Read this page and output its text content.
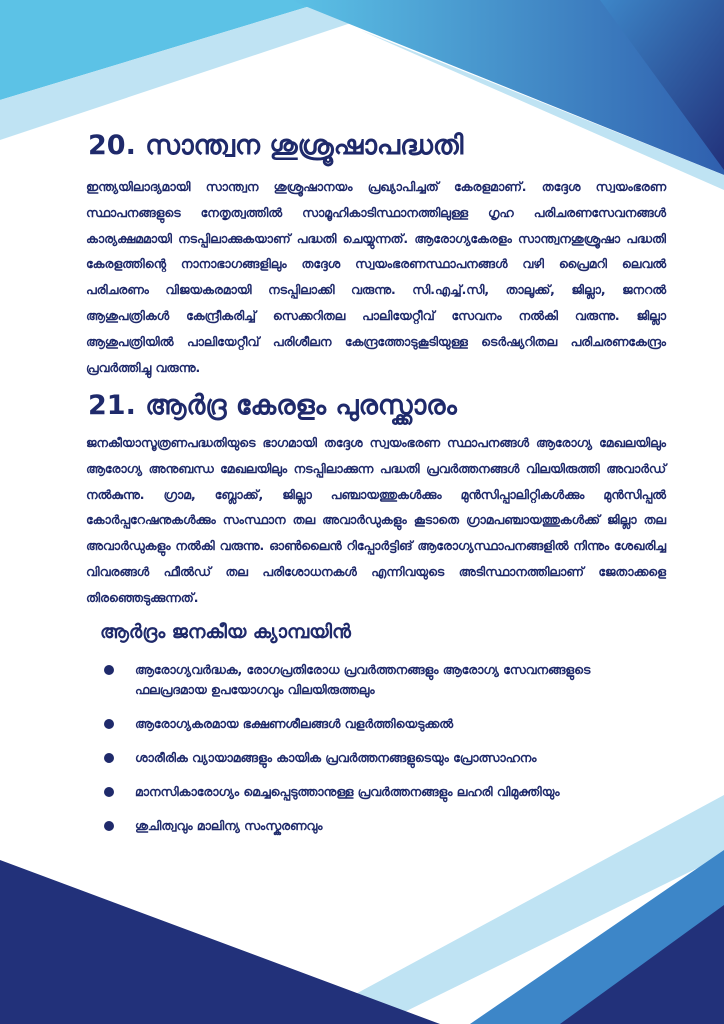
20. സാന്ത്വന ശുശ്രൂഷാപദ്ധതി

ഇന്ത്യയിലാദ്യമായി സാന്ത്വന ശുശ്രൂഷാനയം പ്രഖ്യാപിച്ചത് കേരളമാണ്. തദ്ദേശ സ്വയംഭരണ സ്ഥാപനങ്ങളുടെ നേതൃത്വത്തിൽ സാമൂഹികാടിസ്ഥാനത്തിലുള്ള ഗൃഹ പരിചരണസേവനങ്ങൾ കാര്യക്ഷമമായി നടപ്പിലാക്കുകയാണ് പദ്ധതി ചെയ്യുന്നത്. ആരോഗ്യകേരളം സാന്ത്വനശുശ്രൂഷാ പദ്ധതി കേരളത്തിന്റെ നാനാഭാഗങ്ങളിലും തദ്ദേശ സ്വയംഭരണസ്ഥാപനങ്ങൾ വഴി പ്രൈമറി ലെവൽ പരിചരണം വിജയകരമായി നടപ്പിലാക്കി വരുന്നു. സി.എച്ച്.സി, താലൂക്ക്, ജില്ലാ, ജനറൽ ആശുപത്രികൾ കേന്ദ്രീകരിച്ച് സെക്കറിതല പാലിയേറ്റീവ് സേവനം നൽകി വരുന്നു. ജില്ലാ ആശുപത്രിയിൽ പാലിയേറ്റീവ് പരിശീലന കേന്ദ്രത്തോടുകൂടിയുള്ള ടെർഷ്യറിതല പരിചരണകേന്ദ്രം പ്രവർത്തിച്ചു വരുന്നു.

21. ആർദ്ര കേരളം പുരസ്ക്കാരം

ജനകീയാസൂത്രണപദ്ധതിയുടെ ഭാഗമായി തദ്ദേശ സ്വയംഭരണ സ്ഥാപനങ്ങൾ ആരോഗ്യ മേഖലയിലും ആരോഗ്യ അനുബന്ധ മേഖലയിലും നടപ്പിലാക്കുന്ന പദ്ധതി പ്രവർത്തനങ്ങൾ വിലയിരുത്തി അവാർഡ് നൽകുന്നു. ഗ്രാമ, ബ്ലോക്ക്, ജില്ലാ പഞ്ചായത്തുകൾക്കും മുൻസിപ്പാലിറ്റികൾക്കും മുൻസിപ്പൽ കോർപ്പറേഷനുകൾക്കും സംസ്ഥാന തല അവാർഡുകളും കൂടാതെ ഗ്രാമപഞ്ചായത്തുകൾക്ക് ജില്ലാ തല അവാർഡുകളും നൽകി വരുന്നു. ഓൺലൈൻ റിപ്പോർട്ടിങ് ആരോഗ്യസ്ഥാപനങ്ങളിൽ നിന്നും ശേഖരിച്ച വിവരങ്ങൾ ഫീൽഡ് തല പരിശോധനകൾ എന്നിവയുടെ അടിസ്ഥാനത്തിലാണ് ജേതാക്കളെ തിരഞ്ഞെടുക്കുന്നത്.

ആർദ്രം ജനകീയ ക്യാമ്പയിൻ
ആരോഗ്യവർദ്ധക, രോഗപ്രതിരോധ പ്രവർത്തനങ്ങളും ആരോഗ്യ സേവനങ്ങളുടെ ഫലപ്രദമായ ഉപയോഗവും വിലയിരുത്തലും
ആരോഗ്യകരമായ ഭക്ഷണശീലങ്ങൾ വളർത്തിയെടുക്കൽ
ശാരീരിക വ്യായാമങ്ങളും കായിക പ്രവർത്തനങ്ങളുടെയും പ്രോത്സാഹനം
മാനസികാരോഗ്യം മെച്ചപ്പെടുത്താനുള്ള പ്രവർത്തനങ്ങളും ലഹരി വിമുക്തിയും
ശുചിത്വവും മാലിന്യ സംസ്കരണവും
